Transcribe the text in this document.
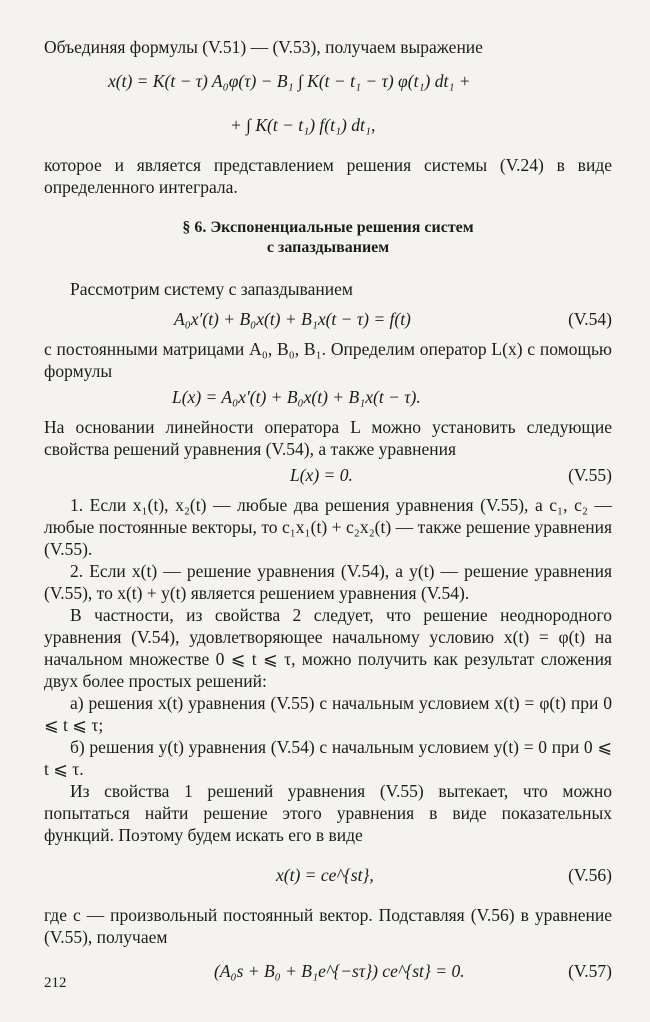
Объединяя формулы (V.51) — (V.53), получаем выражение

x(t) = K(t − τ) A₀φ(τ) − B₁ ∫ K(t − t₁ − τ) φ(t₁) dt₁ +
+ ∫ K(t − t₁) f(t₁) dt₁,

которое и является представлением решения системы (V.24) в виде определенного интеграла.

§ 6. Экспоненциальные решения систем
с запаздыванием

Рассмотрим систему с запаздыванием

A₀x′(t) + B₀x(t) + B₁x(t − τ) = f(t)	(V.54)

с постоянными матрицами A₀, B₀, B₁. Определим оператор L(x) с помощью формулы

L(x) = A₀x′(t) + B₀x(t) + B₁x(t − τ).

На основании линейности оператора L можно установить следующие свойства решений уравнения (V.54), а также уравнения

L(x) = 0.	(V.55)

1. Если x₁(t), x₂(t) — любые два решения уравнения (V.55), а c₁, c₂ — любые постоянные векторы, то c₁x₁(t) + c₂x₂(t) — также решение уравнения (V.55).

2. Если x(t) — решение уравнения (V.54), а y(t) — решение уравнения (V.55), то x(t) + y(t) является решением уравнения (V.54).

В частности, из свойства 2 следует, что решение неоднородного уравнения (V.54), удовлетворяющее начальному условию x(t) = φ(t) на начальном множестве 0 ⩽ t ⩽ τ, можно получить как результат сложения двух более простых решений:

а) решения x(t) уравнения (V.55) с начальным условием x(t) = φ(t) при 0 ⩽ t ⩽ τ;

б) решения y(t) уравнения (V.54) с начальным условием y(t) = 0 при 0 ⩽ t ⩽ τ.

Из свойства 1 решений уравнения (V.55) вытекает, что можно попытаться найти решение этого уравнения в виде показательных функций. Поэтому будем искать его в виде

x(t) = ce^{st},	(V.56)

где c — произвольный постоянный вектор. Подставляя (V.56) в уравнение (V.55), получаем

(A₀s + B₀ + B₁e^{−sτ}) ce^{st} = 0.	(V.57)
212
